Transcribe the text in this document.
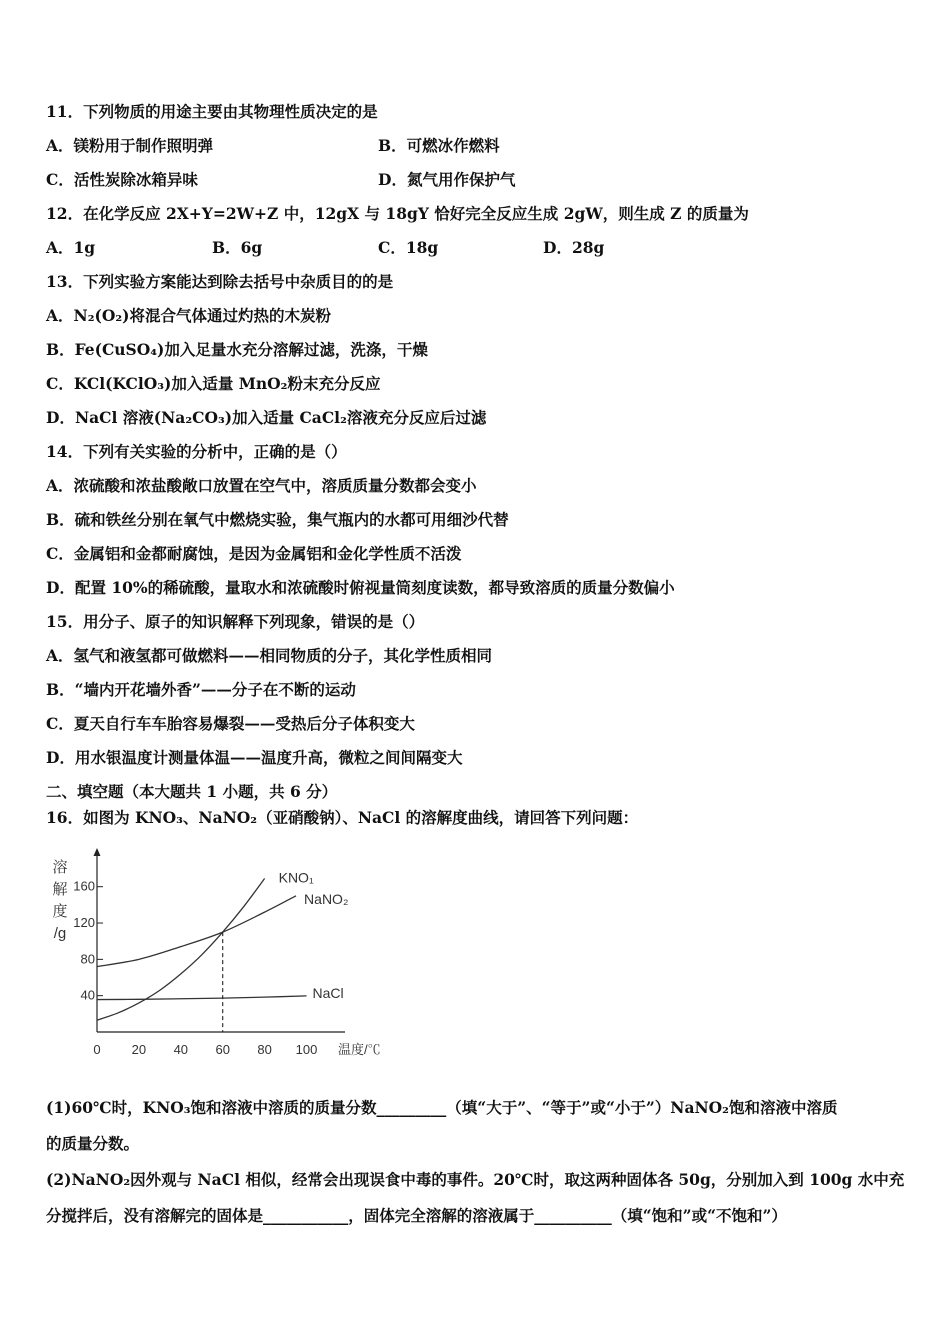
11．下列物质的用途主要由其物理性质决定的是
A．镁粉用于制作照明弹	B．可燃冰作燃料
C．活性炭除冰箱异味	D．氮气用作保护气
12．在化学反应 2X+Y=2W+Z 中，12gX 与 18gY 恰好完全反应生成 2gW，则生成 Z 的质量为
A．1g	B．6g	C．18g	D．28g
13．下列实验方案能达到除去括号中杂质目的的是
A．N₂(O₂)将混合气体通过灼热的木炭粉
B．Fe(CuSO₄)加入足量水充分溶解过滤，洗涤，干燥
C．KCl(KClO₃)加入适量 MnO₂粉末充分反应
D．NaCl 溶液(Na₂CO₃)加入适量 CaCl₂溶液充分反应后过滤
14．下列有关实验的分析中，正确的是（）
A．浓硫酸和浓盐酸敞口放置在空气中，溶质质量分数都会变小
B．硫和铁丝分别在氧气中燃烧实验，集气瓶内的水都可用细沙代替
C．金属铝和金都耐腐蚀，是因为金属铝和金化学性质不活泼
D．配置 10%的稀硫酸，量取水和浓硫酸时俯视量筒刻度读数，都导致溶质的质量分数偏小
15．用分子、原子的知识解释下列现象，错误的是（）
A．氢气和液氢都可做燃料——相同物质的分子，其化学性质相同
B．“墙内开花墙外香”——分子在不断的运动
C．夏天自行车车胎容易爆裂——受热后分子体积变大
D．用水银温度计测量体温——温度升高，微粒之间间隔变大
二、填空题（本大题共 1 小题，共 6 分）
16．如图为 KNO₃、NaNO₂（亚硝酸钠）、NaCl 的溶解度曲线，请回答下列问题：
40
80
120
160
0 20 40 60 80 100 温度/℃
溶
解
度
/g
KNO₁
NaNO₂
NaCl
(1)60℃时，KNO₃饱和溶液中溶质的质量分数_________（填“大于”、“等于”或“小于”）NaNO₂饱和溶液中溶质
的质量分数。
(2)NaNO₂因外观与 NaCl 相似，经常会出现误食中毒的事件。20℃时，取这两种固体各 50g，分别加入到 100g 水中充
分搅拌后，没有溶解完的固体是___________，固体完全溶解的溶液属于__________（填“饱和”或“不饱和”）
